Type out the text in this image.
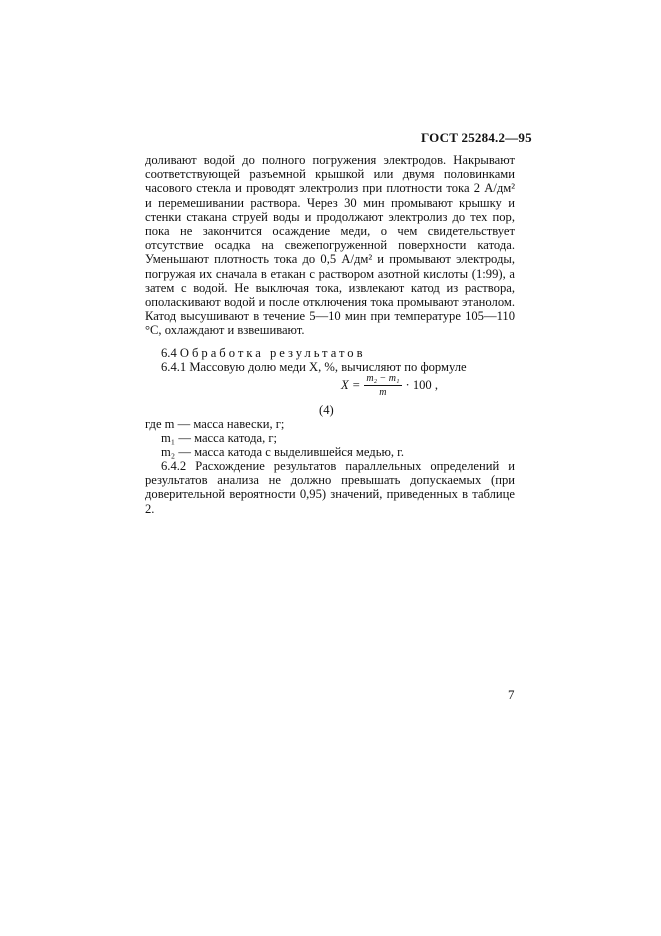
ГОСТ 25284.2—95
доливают водой до полного погружения электродов. Накрывают соответствующей разъемной крышкой или двумя половинками часового стекла и проводят электролиз при плотности тока 2 А/дм² и перемешивании раствора. Через 30 мин промывают крышку и стенки стакана струей воды и продолжают электролиз до тех пор, пока не закончится осаждение меди, о чем свидетельствует отсутствие осадка на свежепогруженной поверхности катода. Уменьшают плотность тока до 0,5 А/дм² и промывают электроды, погружая их сначала в етакан с раствором азотной кислоты (1:99), а затем с водой. Не выключая тока, извлекают катод из раствора, ополаскивают водой и после отключения тока промывают этанолом. Катод высушивают в течение 5—10 мин при температуре 105—110 °С, охлаждают и взвешивают.
6.4 Обработка результатов
6.4.1 Массовую долю меди X, %, вычисляют по формуле
$X = \frac{\text{m₂ − m₁}}{m} \cdot 100$ ,
(4)
где m — масса навески, г;
m₁ — масса катода, г;
m₂ — масса катода с выделившейся медью, г.
6.4.2 Расхождение результатов параллельных определений и результатов анализа не должно превышать допускаемых (при доверительной вероятности 0,95) значений, приведенных в таблице 2.
7
